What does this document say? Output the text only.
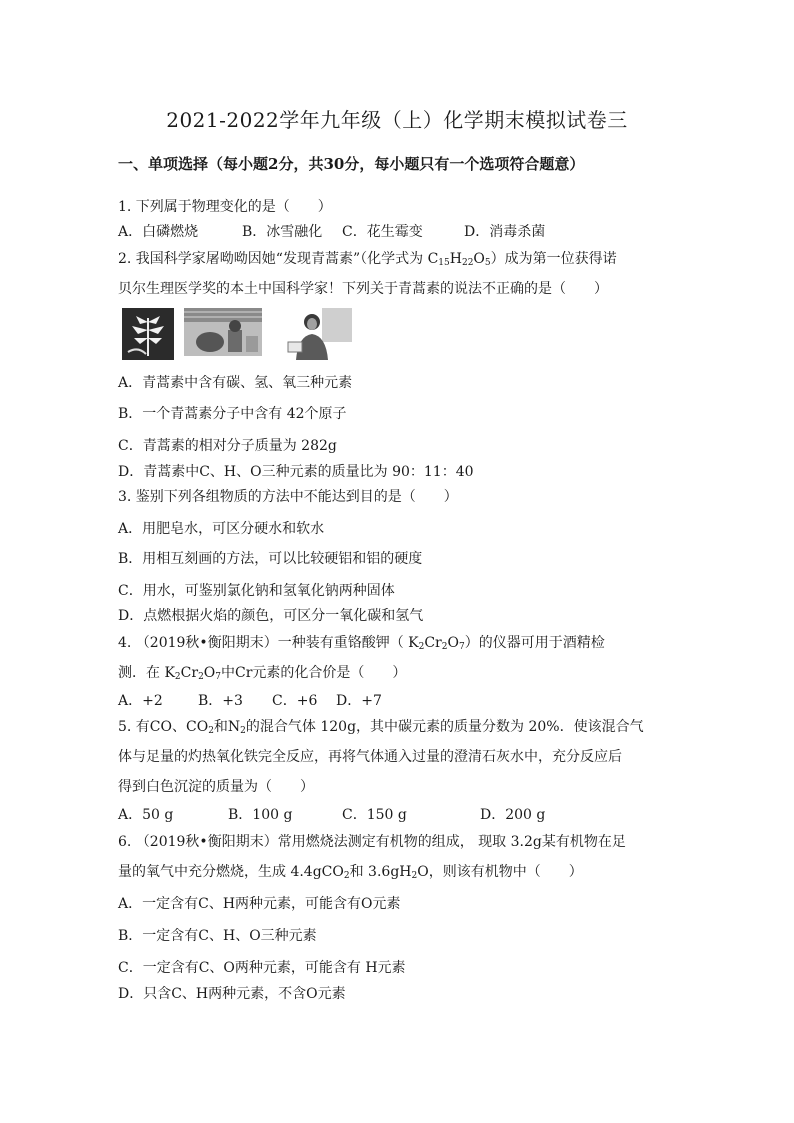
2021-2022学年九年级（上）化学期末模拟试卷三
一、单项选择（每小题2分，共30分，每小题只有一个选项符合题意）
1. 下列属于物理变化的是（　　）
A．白磷燃烧	B．冰雪融化 C．花生霉变	D．消毒杀菌
2. 我国科学家屠呦呦因她“发现青蒿素”（化学式为 $C_{15}H_{22}O_5$）成为第一位获得诺
贝尔生理医学奖的本土中国科学家！下列关于青蒿素的说法不正确的是（　　）
A．青蒿素中含有碳、氢、氧三种元素
B．一个青蒿素分子中含有 42个原子
C．青蒿素的相对分子质量为 282g
D．青蒿素中C、H、O三种元素的质量比为 90：11：40
3. 鉴别下列各组物质的方法中不能达到目的是（　　）
A．用肥皂水，可区分硬水和软水
B．用相互刻画的方法，可以比较硬铝和铝的硬度
C．用水，可鉴别氯化钠和氢氧化钠两种固体
D．点燃根据火焰的颜色，可区分一氧化碳和氢气
4. （2019秋•衡阳期末）一种装有重铬酸钾（ $K_2Cr_2O_7$）的仪器可用于酒精检
测．在 $K_2Cr_2O_7$中Cr元素的化合价是（　　）
A．+2	B．+3 C．+6 D．+7
5. 有CO、$CO_2$和$N_2$的混合气体 120g，其中碳元素的质量分数为 20%．使该混合气
体与足量的灼热氧化铁完全反应，再将气体通入过量的澄清石灰水中，充分反应后
得到白色沉淀的质量为（　　）
A．50 g	B．100 g	C．150 g	D．200 g
6. （2019秋•衡阳期末）常用燃烧法测定有机物的组成， 现取 3.2g某有机物在足
量的氧气中充分燃烧，生成 4.4gCO$_2$和 $3.6gH_2O$，则该有机物中（　　）
A．一定含有C、H两种元素，可能含有O元素
B．一定含有C、H、O三种元素
C．一定含有C、O两种元素，可能含有 H元素
D．只含C、H两种元素，不含O元素
